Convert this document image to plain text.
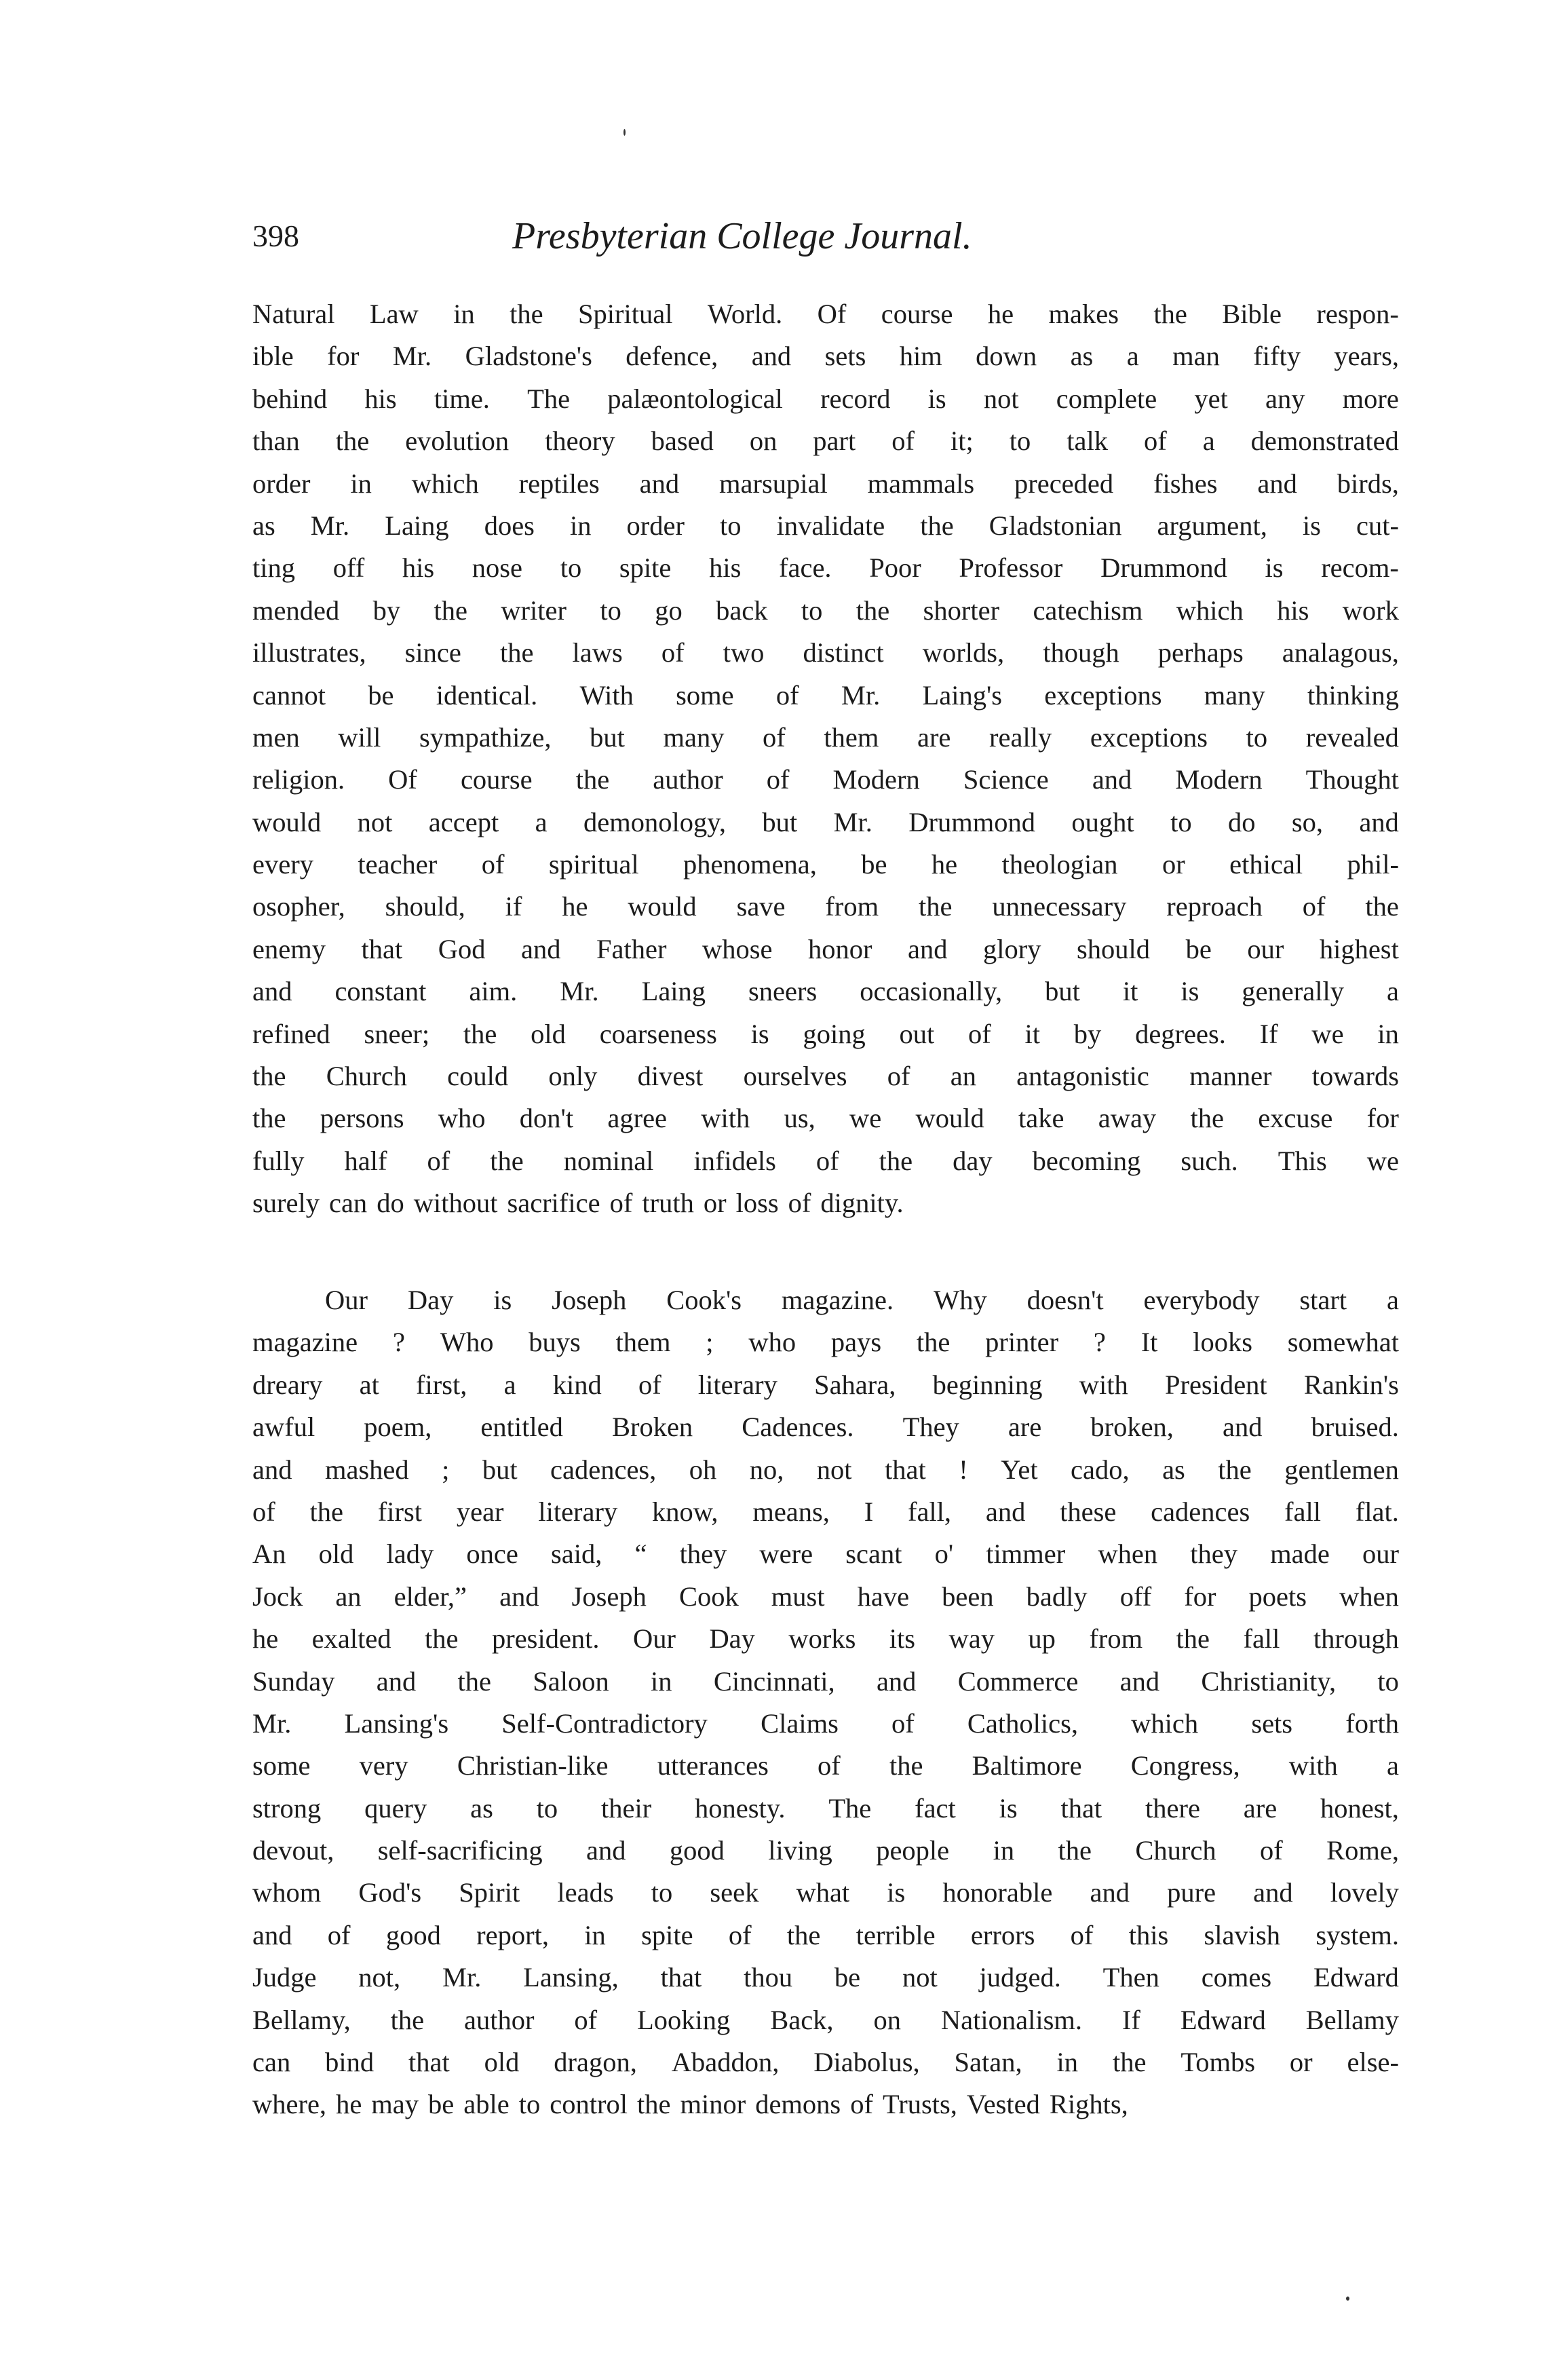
398	Presbyterian College Journal.
Natural Law in the Spiritual World. Of course he makes the Bible respon-
ible for Mr. Gladstone's defence, and sets him down as a man fifty years,
behind his time. The palæontological record is not complete yet any more
than the evolution theory based on part of it; to talk of a demonstrated
order in which reptiles and marsupial mammals preceded fishes and birds,
as Mr. Laing does in order to invalidate the Gladstonian argument, is cut-
ting off his nose to spite his face. Poor Professor Drummond is recom-
mended by the writer to go back to the shorter catechism which his work
illustrates, since the laws of two distinct worlds, though perhaps analagous,
cannot be identical. With some of Mr. Laing's exceptions many thinking
men will sympathize, but many of them are really exceptions to revealed
religion. Of course the author of Modern Science and Modern Thought
would not accept a demonology, but Mr. Drummond ought to do so, and
every teacher of spiritual phenomena, be he theologian or ethical phil-
osopher, should, if he would save from the unnecessary reproach of the
enemy that God and Father whose honor and glory should be our highest
and constant aim. Mr. Laing sneers occasionally, but it is generally a
refined sneer; the old coarseness is going out of it by degrees. If we in
the Church could only divest ourselves of an antagonistic manner towards
the persons who don't agree with us, we would take away the excuse for
fully half of the nominal infidels of the day becoming such. This we
surely can do without sacrifice of truth or loss of dignity.
Our Day is Joseph Cook's magazine. Why doesn't everybody start a
magazine ? Who buys them ; who pays the printer ? It looks somewhat
dreary at first, a kind of literary Sahara, beginning with President Rankin's
awful poem, entitled Broken Cadences. They are broken, and bruised.
and mashed ; but cadences, oh no, not that ! Yet cado, as the gentlemen
of the first year literary know, means, I fall, and these cadences fall flat.
An old lady once said, “ they were scant o' timmer when they made our
Jock an elder,” and Joseph Cook must have been badly off for poets when
he exalted the president. Our Day works its way up from the fall through
Sunday and the Saloon in Cincinnati, and Commerce and Christianity, to
Mr. Lansing's Self-Contradictory Claims of Catholics, which sets forth
some very Christian-like utterances of the Baltimore Congress, with a
strong query as to their honesty. The fact is that there are honest,
devout, self-sacrificing and good living people in the Church of Rome,
whom God's Spirit leads to seek what is honorable and pure and lovely
and of good report, in spite of the terrible errors of this slavish system.
Judge not, Mr. Lansing, that thou be not judged. Then comes Edward
Bellamy, the author of Looking Back, on Nationalism. If Edward Bellamy
can bind that old dragon, Abaddon, Diabolus, Satan, in the Tombs or else-
where, he may be able to control the minor demons of Trusts, Vested Rights,
